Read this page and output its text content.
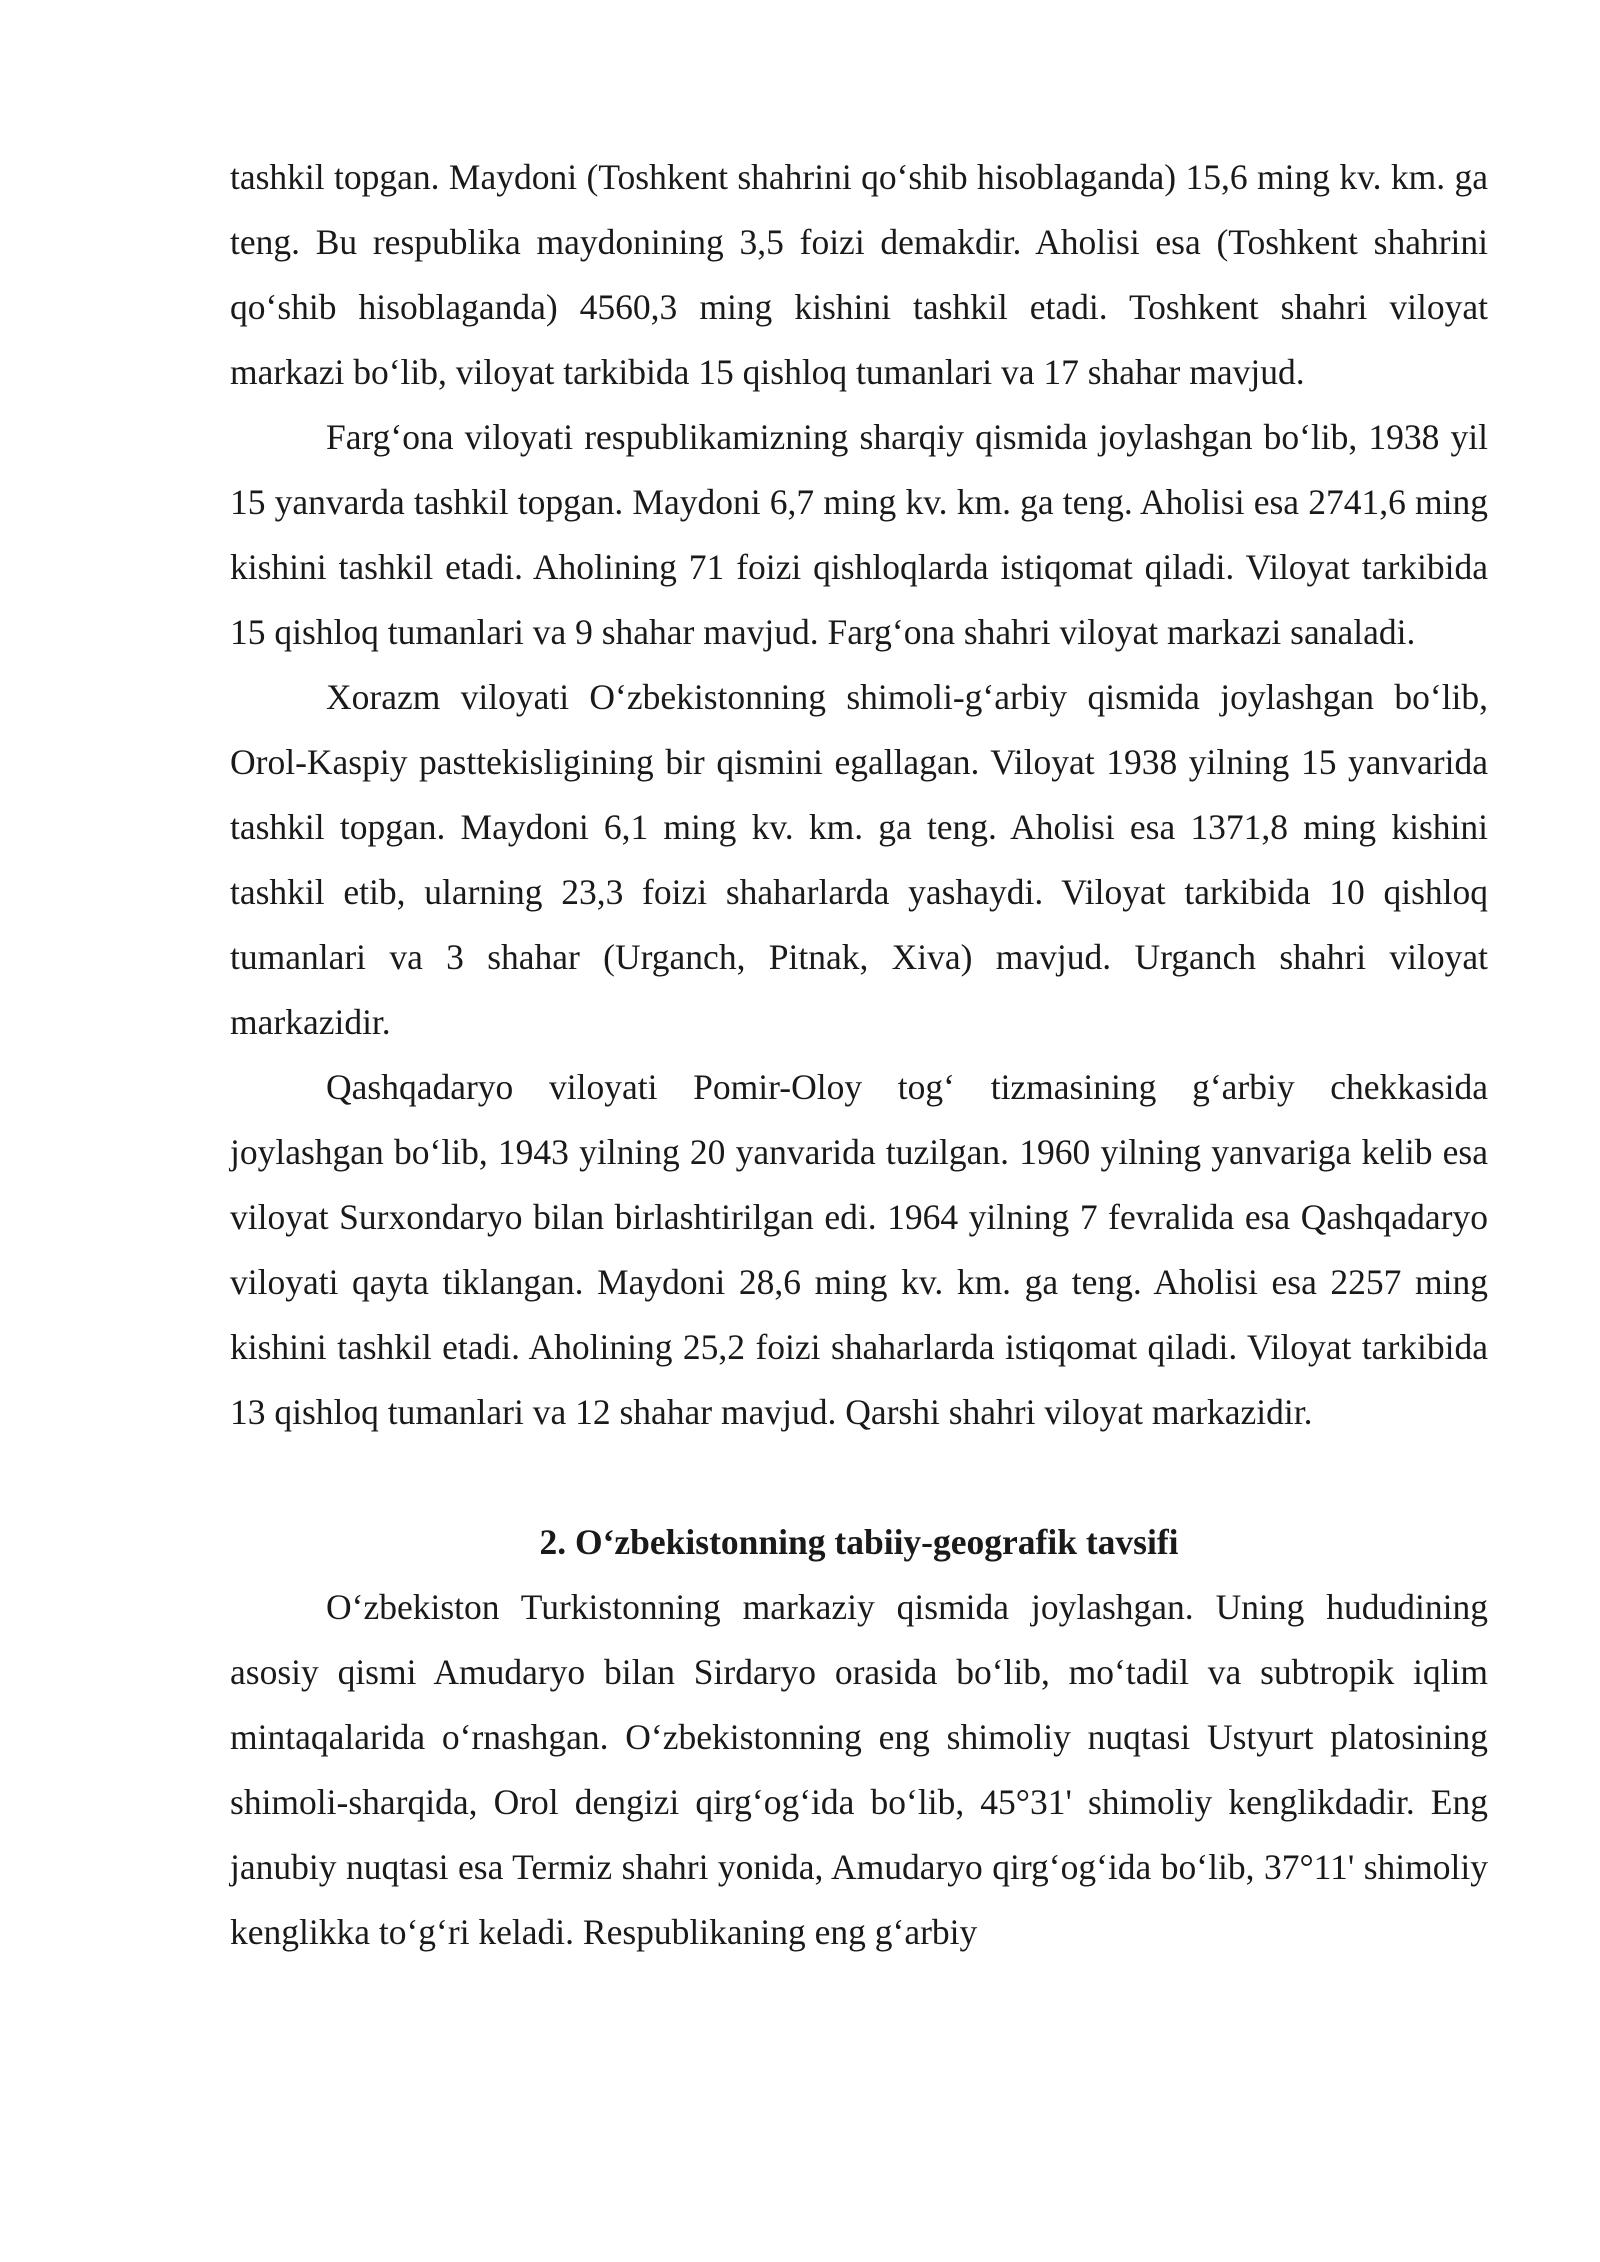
tashkil topgan. Maydoni (Toshkent shahrini qo‘shib hisoblaganda) 15,6 ming kv. km. ga teng. Bu respublika maydonining 3,5 foizi demakdir. Aholisi esa (Toshkent shahrini qo‘shib hisoblaganda) 4560,3 ming kishini tashkil etadi. Toshkent shahri viloyat markazi bo‘lib, viloyat tarkibida 15 qishloq tumanlari va 17 shahar mavjud.

Farg‘ona viloyati respublikamizning sharqiy qismida joylashgan bo‘lib, 1938 yil 15 yanvarda tashkil topgan. Maydoni 6,7 ming kv. km. ga teng. Aholisi esa 2741,6 ming kishini tashkil etadi. Aholining 71 foizi qishloqlarda istiqomat qiladi. Viloyat tarkibida 15 qishloq tumanlari va 9 shahar mavjud. Farg‘ona shahri viloyat markazi sanaladi.

Xorazm viloyati O‘zbekistonning shimoli-g‘arbiy qismida joylashgan bo‘lib, Orol-Kaspiy pasttekisligining bir qismini egallagan. Viloyat 1938 yilning 15 yanvarida tashkil topgan. Maydoni 6,1 ming kv. km. ga teng. Aholisi esa 1371,8 ming kishini tashkil etib, ularning 23,3 foizi shaharlarda yashaydi. Viloyat tarkibida 10 qishloq tumanlari va 3 shahar (Urganch, Pitnak, Xiva) mavjud. Urganch shahri viloyat markazidir.

Qashqadaryo viloyati Pomir-Oloy tog‘ tizmasining g‘arbiy chekkasida joylashgan bo‘lib, 1943 yilning 20 yanvarida tuzilgan. 1960 yilning yanvariga kelib esa viloyat Surxondaryo bilan birlashtirilgan edi. 1964 yilning 7 fevralida esa Qashqadaryo viloyati qayta tiklangan. Maydoni 28,6 ming kv. km. ga teng. Aholisi esa 2257 ming kishini tashkil etadi. Aholining 25,2 foizi shaharlarda istiqomat qiladi. Viloyat tarkibida 13 qishloq tumanlari va 12 shahar mavjud. Qarshi shahri viloyat markazidir.

2. O‘zbekistonning tabiiy-geografik tavsifi

O‘zbekiston Turkistonning markaziy qismida joylashgan. Uning hududining asosiy qismi Amudaryo bilan Sirdaryo orasida bo‘lib, mo‘tadil va subtropik iqlim mintaqalarida o‘rnashgan. O‘zbekistonning eng shimoliy nuqtasi Ustyurt platosining shimoli-sharqida, Orol dengizi qirg‘og‘ida bo‘lib, 45°31' shimoliy kenglikdadir. Eng janubiy nuqtasi esa Termiz shahri yonida, Amudaryo qirg‘og‘ida bo‘lib, 37°11' shimoliy kenglikka to‘g‘ri keladi. Respublikaning eng g‘arbiy
